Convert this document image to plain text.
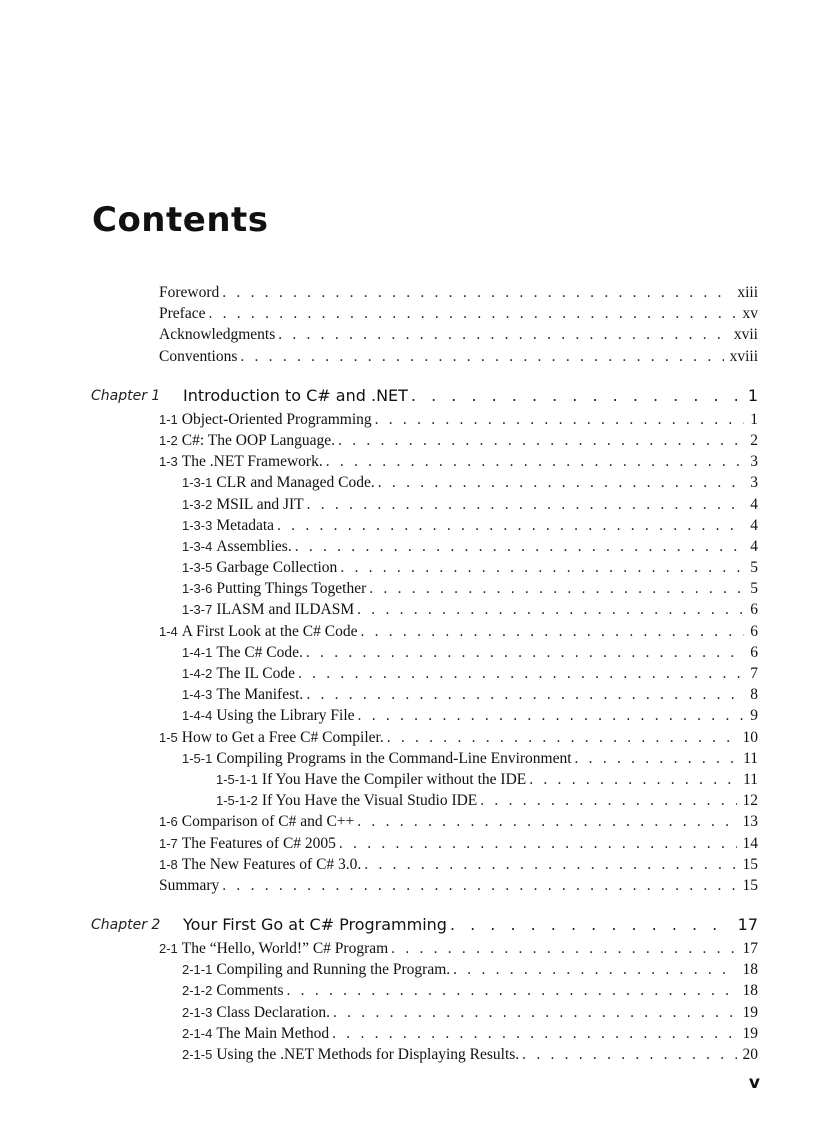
Contents
Foreword . . .	xiii
Preface . . .	xv
Acknowledgments . . .	xvii
Conventions . . .	xviii
Chapter 1 Introduction to C# and .NET . . .	1
1-1 Object-Oriented Programming . . .	1
1-2 C#: The OOP Language. . . .	2
1-3 The .NET Framework. . . .	3
1-3-1 CLR and Managed Code. . . .	3
1-3-2 MSIL and JIT . . .	4
1-3-3 Metadata . . .	4
1-3-4 Assemblies. . . .	4
1-3-5 Garbage Collection . . .	5
1-3-6 Putting Things Together . . .	5
1-3-7 ILASM and ILDASM . . .	6
1-4 A First Look at the C# Code . . .	6
1-4-1 The C# Code. . . .	6
1-4-2 The IL Code . . .	7
1-4-3 The Manifest. . . .	8
1-4-4 Using the Library File . . .	9
1-5 How to Get a Free C# Compiler. . . .	10
1-5-1 Compiling Programs in the Command-Line Environment . . .	11
1-5-1-1 If You Have the Compiler without the IDE . . .	11
1-5-1-2 If You Have the Visual Studio IDE . . .	12
1-6 Comparison of C# and C++ . . .	13
1-7 The Features of C# 2005 . . .	14
1-8 The New Features of C# 3.0. . . .	15
Summary . . .	15
Chapter 2 Your First Go at C# Programming . . .	17
2-1 The “Hello, World!” C# Program . . .	17
2-1-1 Compiling and Running the Program. . . .	18
2-1-2 Comments . . .	18
2-1-3 Class Declaration. . . .	19
2-1-4 The Main Method . . .	19
2-1-5 Using the .NET Methods for Displaying Results. . . .	20
v
